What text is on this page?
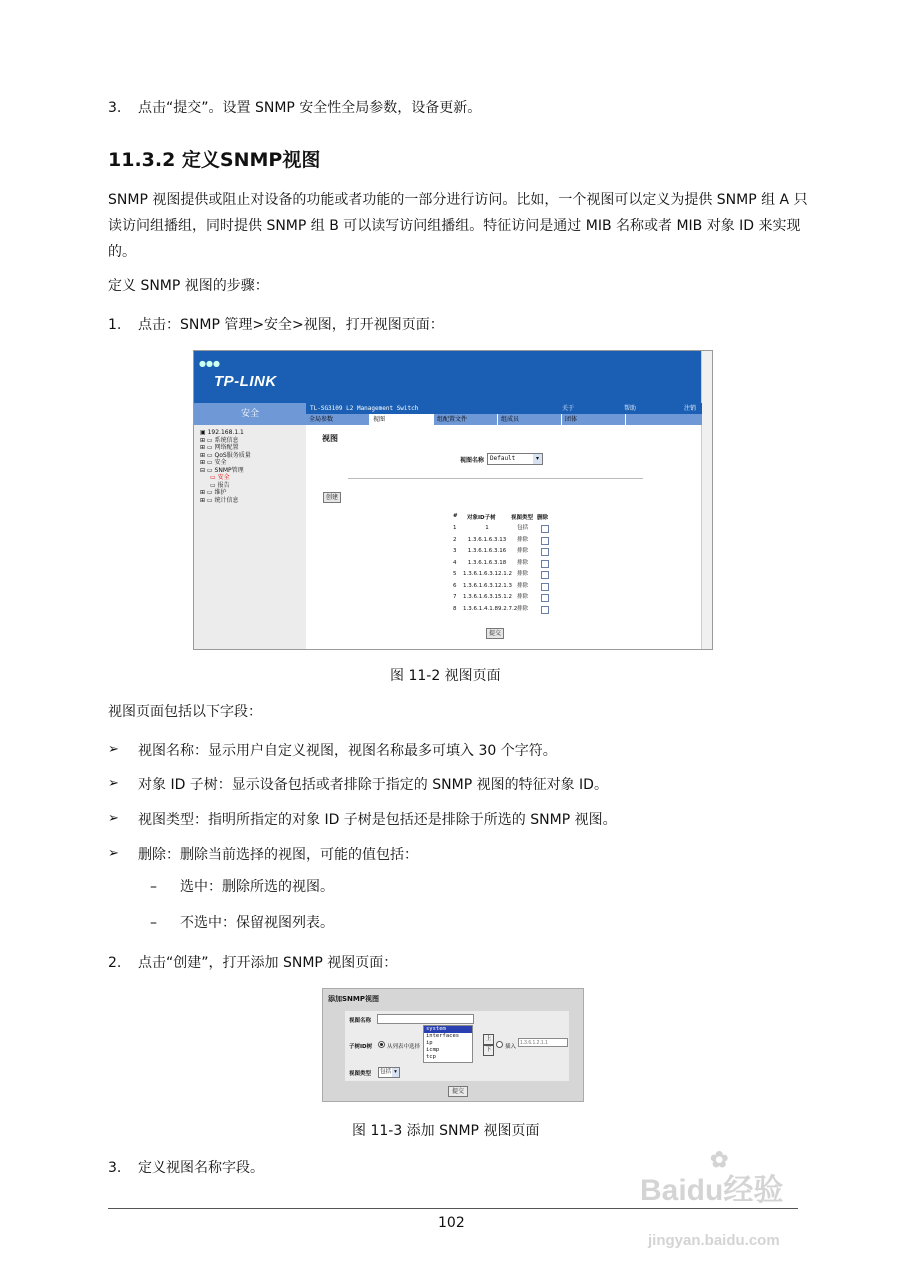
3. 点击“提交”。设置 SNMP 安全性全局参数，设备更新。
11.3.2 定义SNMP视图
SNMP 视图提供或阻止对设备的功能或者功能的一部分进行访问。比如，一个视图可以定义为提供 SNMP 组 A 只读访问组播组，同时提供 SNMP 组 B 可以读写访问组播组。特征访问是通过 MIB 名称或者 MIB 对象 ID 来实现的。
定义 SNMP 视图的步骤：
1. 点击：SNMP 管理>安全>视图，打开视图页面：
●●●
TP-LINK
安全
▣ 192.168.1.1
⊞ ▭ 系统信息
⊞ ▭ 网络配置
⊞ ▭ QoS服务质量
⊞ ▭ 安全
⊟ ▭ SNMP管理
▭ 安全
▭ 报告
⊞ ▭ 维护
⊞ ▭ 统计信息
TL-SG3109 L2 Management Switch	关于	帮助	注销
全局参数	视图	组配置文件	组成员	团体
视图
视图名称 Default	▾
创建
# 对象ID子树	视图类型 删除
1	1	包括
2	1.3.6.1.6.3.13	排除
3	1.3.6.1.6.3.16	排除
4	1.3.6.1.6.3.18	排除
5 1.3.6.1.6.3.12.1.2 排除
6 1.3.6.1.6.3.12.1.3 排除
7 1.3.6.1.6.3.15.1.2 排除
8 1.3.6.1.4.1.89.2.7.2 排除
提交
图 11-2 视图页面
视图页面包括以下字段：
➢ 视图名称：显示用户自定义视图，视图名称最多可填入 30 个字符。
➢ 对象 ID 子树：显示设备包括或者排除于指定的 SNMP 视图的特征对象 ID。
➢ 视图类型：指明所指定的对象 ID 子树是包括还是排除于所选的 SNMP 视图。
➢ 删除：删除当前选择的视图，可能的值包括：
– 选中：删除所选的视图。
– 不选中：保留视图列表。
2. 点击“创建”，打开添加 SNMP 视图页面：
添加SNMP视图
视图名称
子树ID树	从列表中选择
system
interfaces
ip
icmp
tcp
上
下	插入
1.3.6.1.2.1.1
视图类型	包括 ▾
提交
图 11-3 添加 SNMP 视图页面
3. 定义视图名称字段。
102
✿
Baidu经验
jingyan.baidu.com
